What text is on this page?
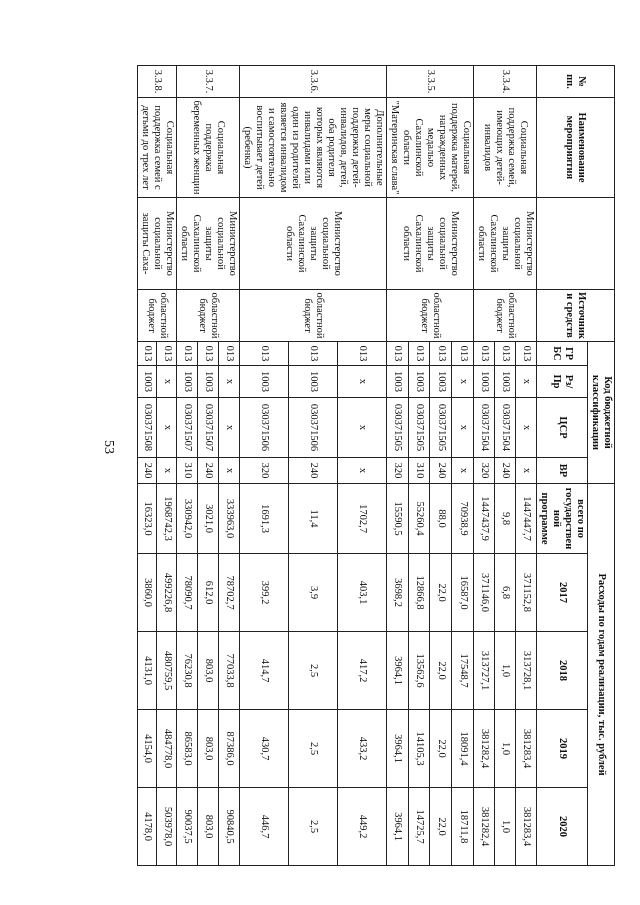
53
№ пп.	Наименование мероприятия		Источники средств	Код бюджетной классификации				Расходы по годам реализации, тыс. рублей				
				ГРБС	Рз/ Пр	ЦСР	ВР	всего по государственной программе	2017	2018	2019	2020
3.3.4.	Социальная поддержка семей, имеющих детей-инвалидов	Министерство социальной защиты Сахалинской области	областной бюджет	013	x	x	x	1447447,7	371152,8	313728,1	381283,4	381283,4
				013	1003	030371504	240	9,8	6,8	1,0	1,0	1,0
				013	1003	030371504	320	1447437,9	371146,0	313727,1	381282,4	381282,4
3.3.5.	Социальная поддержка матерей, награжденных медалью Сахалинской области "Материнская слава"	Министерство социальной защиты Сахалинской области	областной бюджет	013	x	x	x	70938,9	16587,0	17548,7	18091,4	18711,8
				013	1003	030371505	240	88,0	22,0	22,0	22,0	22,0
				013	1003	030371505	310	55260,4	12866,8	13562,6	14105,3	14725,7
				013	1003	030371505	320	15590,5	3698,2	3964,1	3964,1	3964,1
3.3.6.	Дополнительные меры социальной поддержки детей-инвалидов, детей, оба родителя которых являются инвалидами или один из родителей является инвалидом и самостоятельно воспитывает детей (ребенка)	Министерство социальной защиты Сахалинской области	областной бюджет	013	x	x	x	1702,7	403,1	417,2	433,2	449,2
				013	1003	030371506	240	11,4	3,9	2,5	2,5	2,5
				013	1003	030371506	320	1691,3	399,2	414,7	430,7	446,7
3.3.7.	Социальная поддержка беременных женщин	Министерство социальной защиты Сахалинской области	областной бюджет	013	x	x	x	333963,0	78702,7	77033,8	87386,0	90840,5
				013	1003	030371507	240	3021,0	612,0	803,0	803,0	803,0
				013	1003	030371507	310	330942,0	78090,7	76230,8	86583,0	90037,5
3.3.8.	Социальная поддержка семей с детьми до трех лет	Министерство социальной защиты Саха-	областной бюджет	013	x	x	x	1968742,3	499226,8	480759,5	484778,0	503978,0
				013	1003	030371508	240	16323,0	3860,0	4131,0	4154,0	4178,0
